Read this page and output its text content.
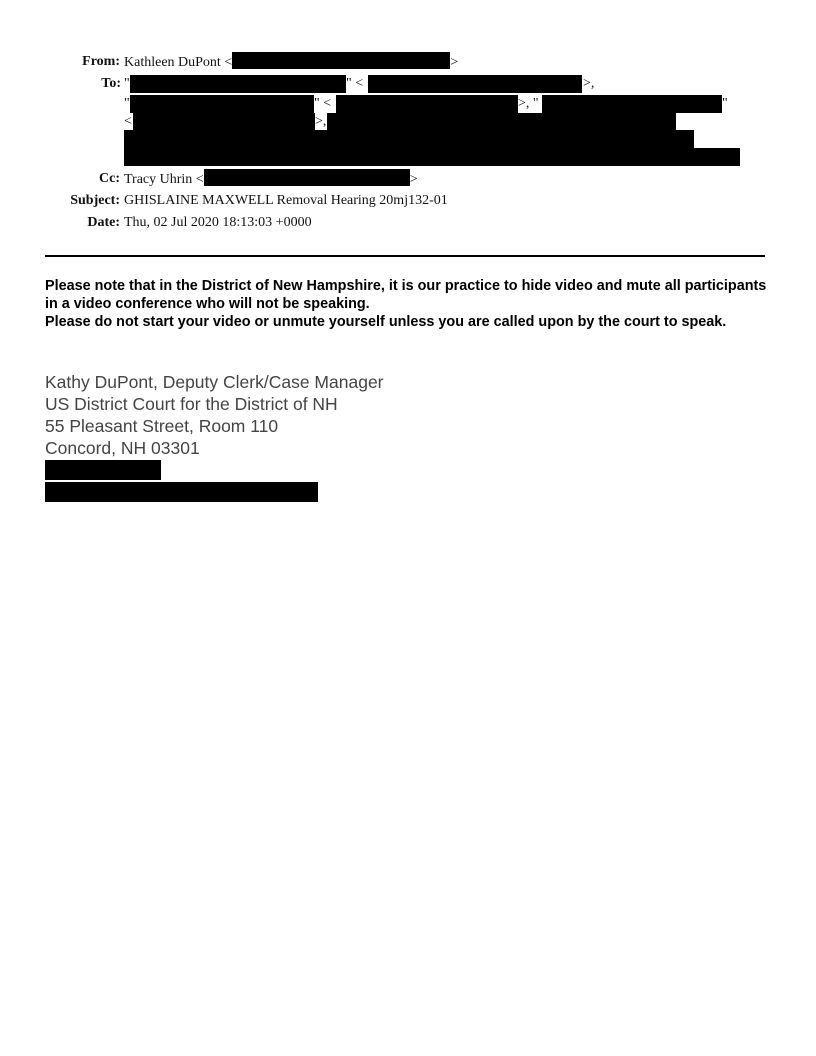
From: Kathleen DuPont <	>
To: "	" <	>,
"	" <	>, "	"
<	>,
Cc: Tracy Uhrin <	>
Subject: GHISLAINE MAXWELL Removal Hearing 20mj132-01
Date: Thu, 02 Jul 2020 18:13:03 +0000
Please note that in the District of New Hampshire, it is our practice to hide video and mute all participants in a video conference who will not be speaking.
Please do not start your video or unmute yourself unless you are called upon by the court to speak.
Kathy DuPont, Deputy Clerk/Case Manager
US District Court for the District of NH
55 Pleasant Street, Room 110
Concord, NH 03301
